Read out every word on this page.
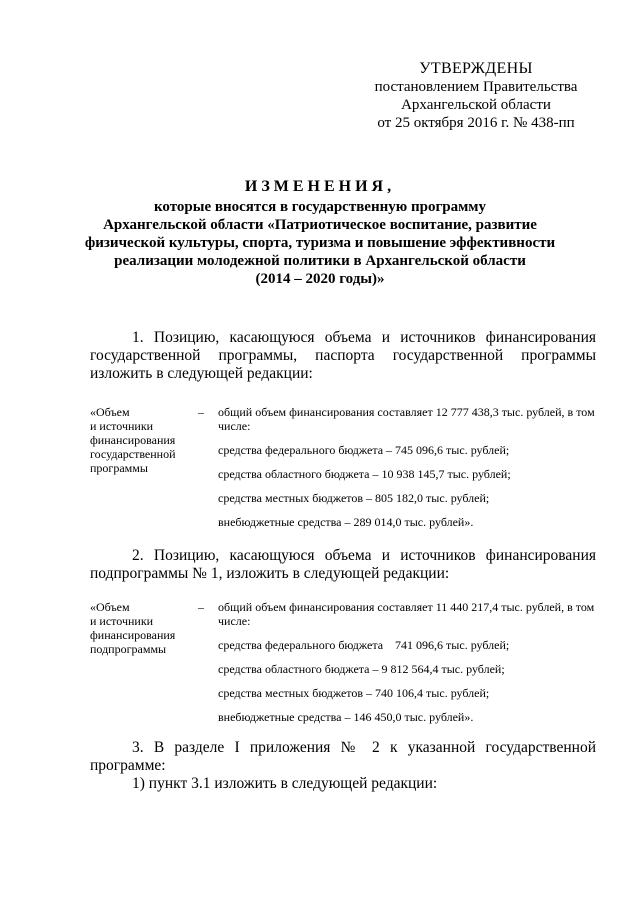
УТВЕРЖДЕНЫ
постановлением Правительства
Архангельской области
от 25 октября 2016 г. № 438-пп
ИЗМЕНЕНИЯ,
которые вносятся в государственную программу
Архангельской области «Патриотическое воспитание, развитие
физической культуры, спорта, туризма и повышение эффективности
реализации молодежной политики в Архангельской области
(2014 – 2020 годы)»
1. Позицию, касающуюся объема и источников финансирования государственной программы, паспорта государственной программы изложить в следующей редакции:
«Объем
и источники
финансирования
государственной
программы
– общий объем финансирования составляет 12 777 438,3 тыс. рублей, в том числе:

средства федерального бюджета – 745 096,6 тыс. рублей;

средства областного бюджета – 10 938 145,7 тыс. рублей;

средства местных бюджетов – 805 182,0 тыс. рублей;

внебюджетные средства – 289 014,0 тыс. рублей».

2. Позицию, касающуюся объема и источников финансирования подпрограммы № 1, изложить в следующей редакции:
«Объем
и источники
финансирования
подпрограммы
– общий объем финансирования составляет 11 440 217,4 тыс. рублей, в том числе:

средства федерального бюджета    741 096,6 тыс. рублей;

средства областного бюджета – 9 812 564,4 тыс. рублей;

средства местных бюджетов – 740 106,4 тыс. рублей;

внебюджетные средства – 146 450,0 тыс. рублей».

3. В разделе I приложения № 2 к указанной государственной программе:
1) пункт 3.1 изложить в следующей редакции:
